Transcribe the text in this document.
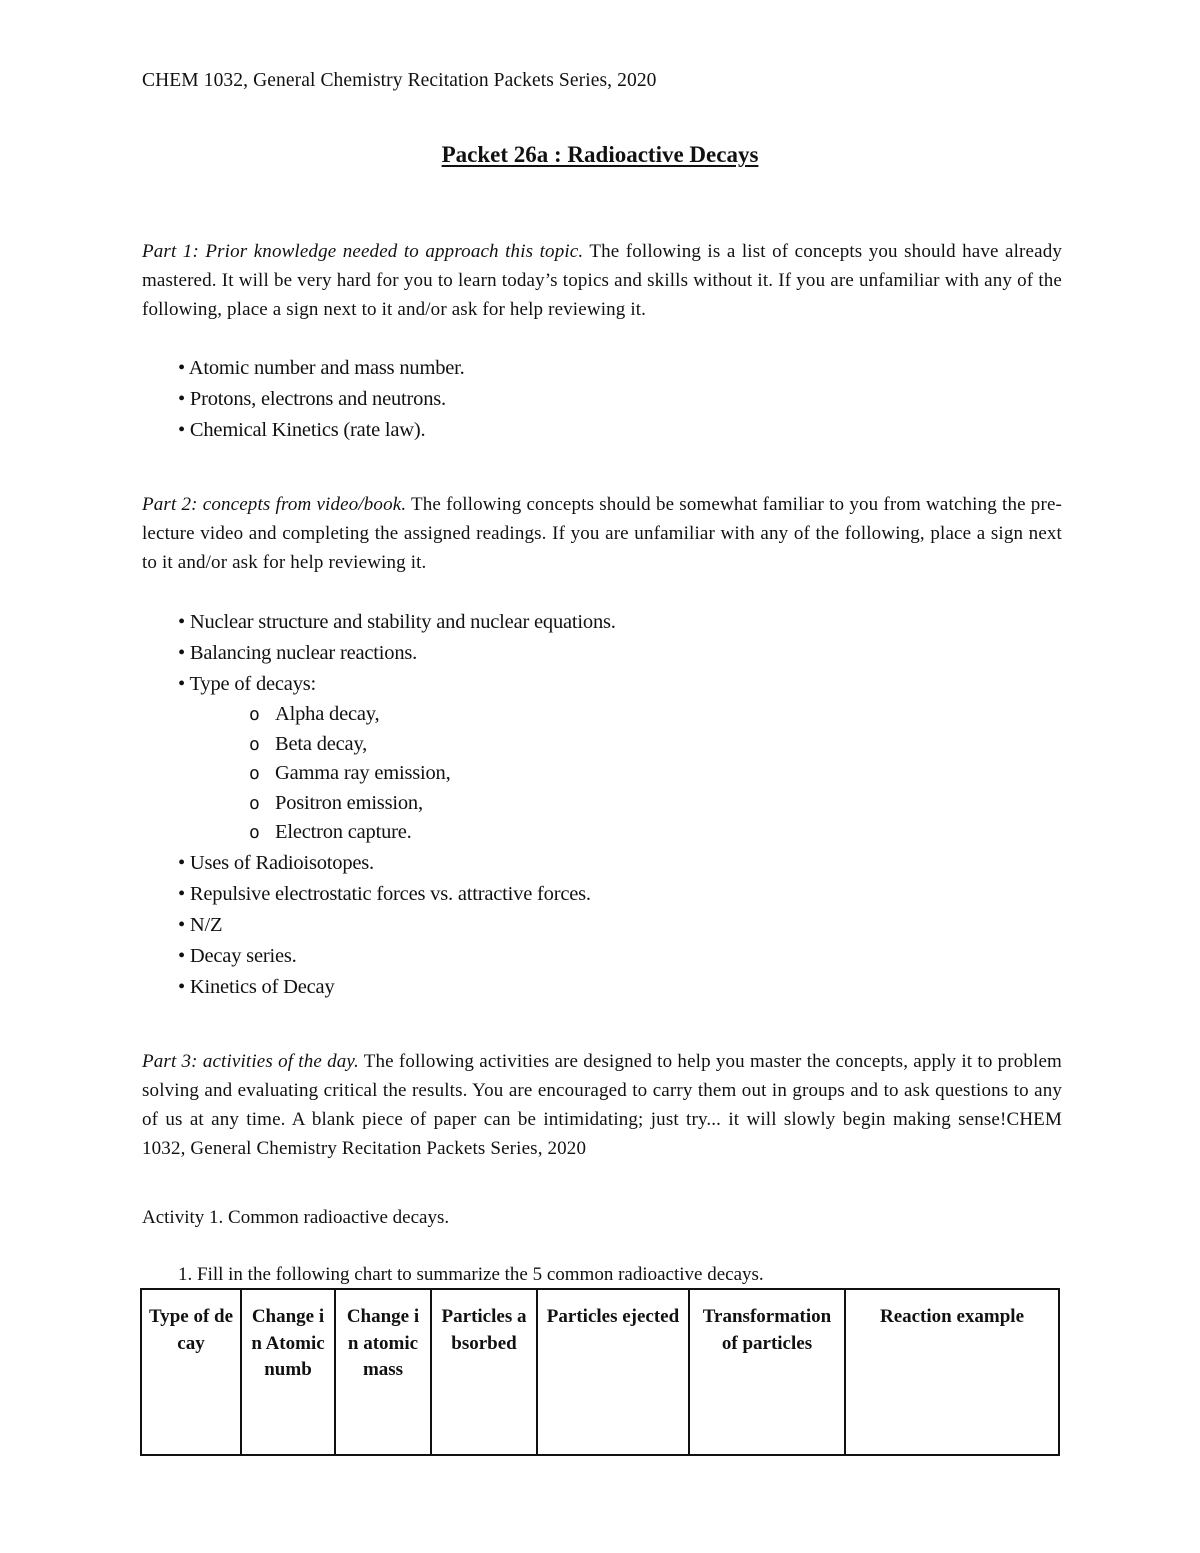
CHEM 1032, General Chemistry Recitation Packets Series, 2020
Packet 26a : Radioactive Decays
Part 1: Prior knowledge needed to approach this topic. The following is a list of concepts you should have already mastered. It will be very hard for you to learn today’s topics and skills without it. If you are unfamiliar with any of the following, place a sign next to it and/or ask for help reviewing it.
• Atomic number and mass number.
• Protons, electrons and neutrons.
• Chemical Kinetics (rate law).
Part 2: concepts from video/book. The following concepts should be somewhat familiar to you from watching the pre-lecture video and completing the assigned readings. If you are unfamiliar with any of the following, place a sign next to it and/or ask for help reviewing it.
• Nuclear structure and stability and nuclear equations.
• Balancing nuclear reactions.
• Type of decays:
o Alpha decay,
o Beta decay,
o Gamma ray emission,
o Positron emission,
o Electron capture.
• Uses of Radioisotopes.
• Repulsive electrostatic forces vs. attractive forces.
• N/Z
• Decay series.
• Kinetics of Decay
Part 3: activities of the day. The following activities are designed to help you master the concepts, apply it to problem solving and evaluating critical the results. You are encouraged to carry them out in groups and to ask questions to any of us at any time. A blank piece of paper can be intimidating; just try... it will slowly begin making sense!CHEM 1032, General Chemistry Recitation Packets Series, 2020
Activity 1. Common radioactive decays.
1. Fill in the following chart to summarize the 5 common radioactive decays.
Type of decay	Change in Atomic numb	Change in atomic mass	Particles absorbed	Particles ejected	Transformation of particles	Reaction example
